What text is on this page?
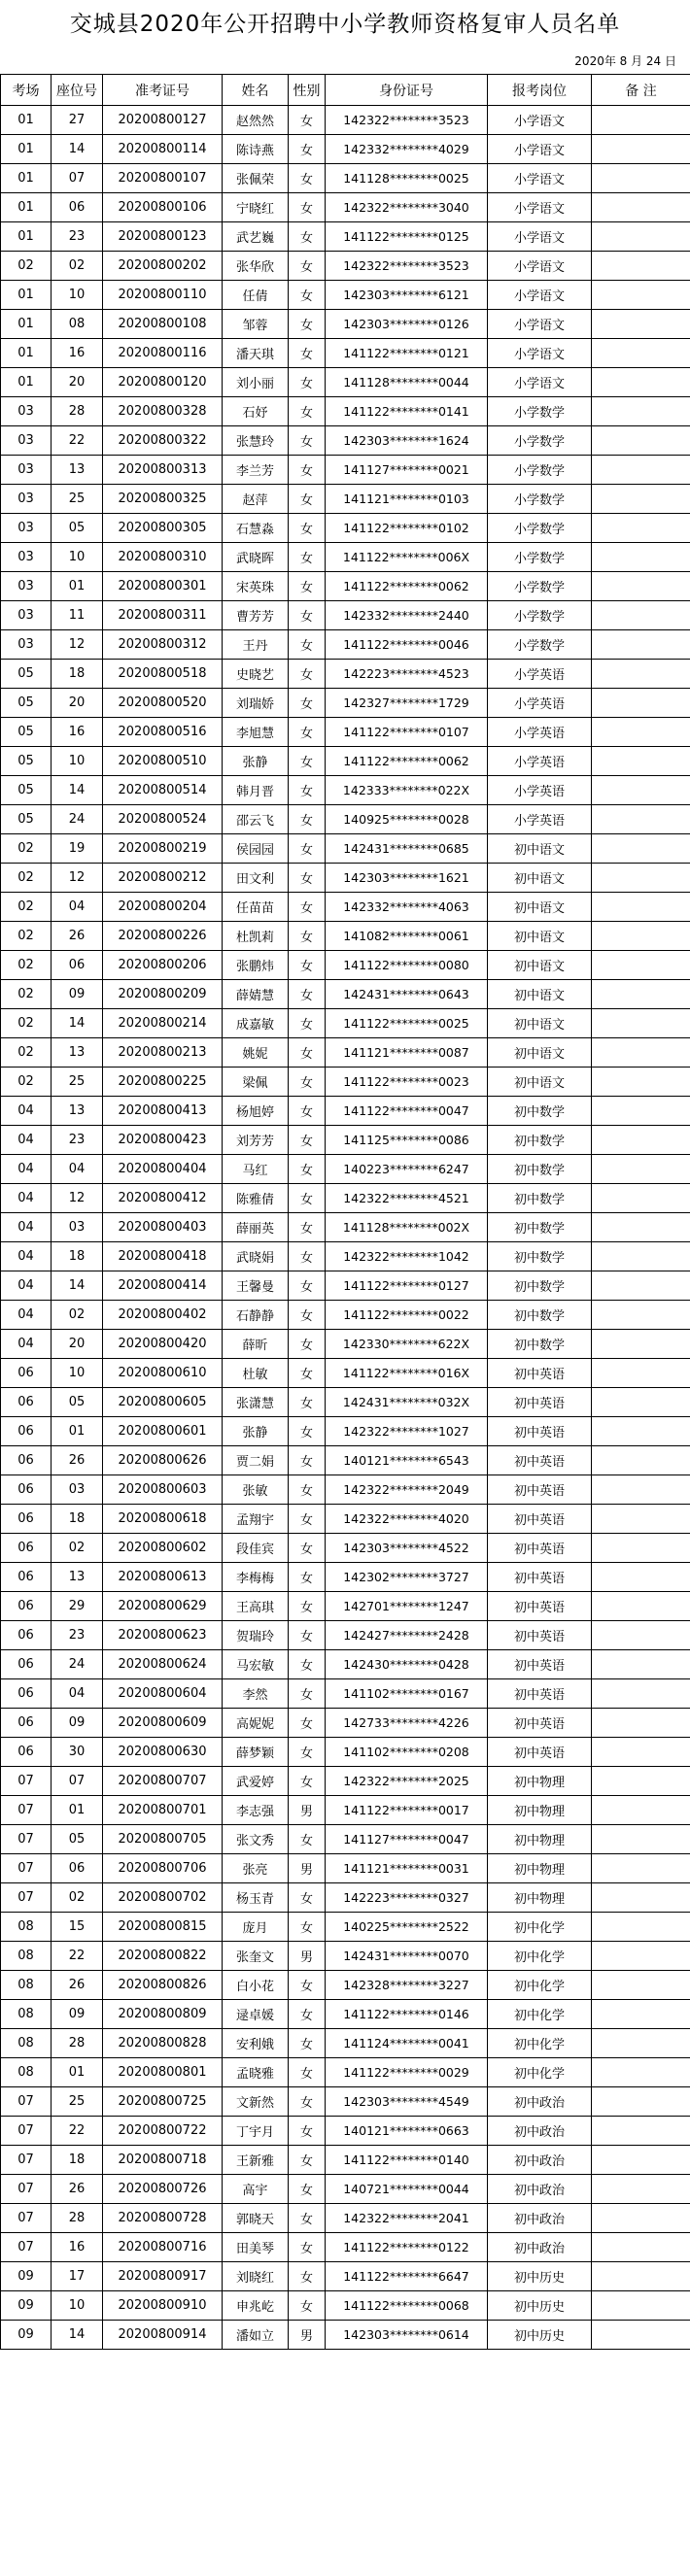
交城县2020年公开招聘中小学教师资格复审人员名单
2020年 8 月 24 日
考场	座位号	准考证号	姓名	性别	身份证号	报考岗位	备 注
01	27	20200800127	赵然然	女	142322********3523	小学语文	
01	14	20200800114	陈诗燕	女	142332********4029	小学语文	
01	07	20200800107	张佩荣	女	141128********0025	小学语文	
01	06	20200800106	宁晓红	女	142322********3040	小学语文	
01	23	20200800123	武艺巍	女	141122********0125	小学语文	
02	02	20200800202	张华欣	女	142322********3523	小学语文	
01	10	20200800110	任倩	女	142303********6121	小学语文	
01	08	20200800108	邹蓉	女	142303********0126	小学语文	
01	16	20200800116	潘天琪	女	141122********0121	小学语文	
01	20	20200800120	刘小丽	女	141128********0044	小学语文	
03	28	20200800328	石妤	女	141122********0141	小学数学	
03	22	20200800322	张慧玲	女	142303********1624	小学数学	
03	13	20200800313	李兰芳	女	141127********0021	小学数学	
03	25	20200800325	赵萍	女	141121********0103	小学数学	
03	05	20200800305	石慧淼	女	141122********0102	小学数学	
03	10	20200800310	武晓晖	女	141122********006X	小学数学	
03	01	20200800301	宋英珠	女	141122********0062	小学数学	
03	11	20200800311	曹芳芳	女	142332********2440	小学数学	
03	12	20200800312	王丹	女	141122********0046	小学数学	
05	18	20200800518	史晓艺	女	142223********4523	小学英语	
05	20	20200800520	刘瑞娇	女	142327********1729	小学英语	
05	16	20200800516	李旭慧	女	141122********0107	小学英语	
05	10	20200800510	张静	女	141122********0062	小学英语	
05	14	20200800514	韩月晋	女	142333********022X	小学英语	
05	24	20200800524	邵云飞	女	140925********0028	小学英语	
02	19	20200800219	侯园园	女	142431********0685	初中语文	
02	12	20200800212	田文利	女	142303********1621	初中语文	
02	04	20200800204	任苗苗	女	142332********4063	初中语文	
02	26	20200800226	杜凯莉	女	141082********0061	初中语文	
02	06	20200800206	张鹏炜	女	141122********0080	初中语文	
02	09	20200800209	薛婧慧	女	142431********0643	初中语文	
02	14	20200800214	成嘉敏	女	141122********0025	初中语文	
02	13	20200800213	姚妮	女	141121********0087	初中语文	
02	25	20200800225	梁佩	女	141122********0023	初中语文	
04	13	20200800413	杨旭婷	女	141122********0047	初中数学	
04	23	20200800423	刘芳芳	女	141125********0086	初中数学	
04	04	20200800404	马红	女	140223********6247	初中数学	
04	12	20200800412	陈雅倩	女	142322********4521	初中数学	
04	03	20200800403	薛丽英	女	141128********002X	初中数学	
04	18	20200800418	武晓娟	女	142322********1042	初中数学	
04	14	20200800414	王馨曼	女	141122********0127	初中数学	
04	02	20200800402	石静静	女	141122********0022	初中数学	
04	20	20200800420	薛昕	女	142330********622X	初中数学	
06	10	20200800610	杜敏	女	141122********016X	初中英语	
06	05	20200800605	张潇慧	女	142431********032X	初中英语	
06	01	20200800601	张静	女	142322********1027	初中英语	
06	26	20200800626	贾二娟	女	140121********6543	初中英语	
06	03	20200800603	张敏	女	142322********2049	初中英语	
06	18	20200800618	孟翔宇	女	142322********4020	初中英语	
06	02	20200800602	段佳宾	女	142303********4522	初中英语	
06	13	20200800613	李梅梅	女	142302********3727	初中英语	
06	29	20200800629	王高琪	女	142701********1247	初中英语	
06	23	20200800623	贺瑞玲	女	142427********2428	初中英语	
06	24	20200800624	马宏敏	女	142430********0428	初中英语	
06	04	20200800604	李然	女	141102********0167	初中英语	
06	09	20200800609	高妮妮	女	142733********4226	初中英语	
06	30	20200800630	薛梦颖	女	141102********0208	初中英语	
07	07	20200800707	武爱婷	女	142322********2025	初中物理	
07	01	20200800701	李志强	男	141122********0017	初中物理	
07	05	20200800705	张文秀	女	141127********0047	初中物理	
07	06	20200800706	张亮	男	141121********0031	初中物理	
07	02	20200800702	杨玉青	女	142223********0327	初中物理	
08	15	20200800815	庞月	女	140225********2522	初中化学	
08	22	20200800822	张奎文	男	142431********0070	初中化学	
08	26	20200800826	白小花	女	142328********3227	初中化学	
08	09	20200800809	逯卓媛	女	141122********0146	初中化学	
08	28	20200800828	安利娥	女	141124********0041	初中化学	
08	01	20200800801	孟晓雅	女	141122********0029	初中化学	
07	25	20200800725	文新然	女	142303********4549	初中政治	
07	22	20200800722	丁宇月	女	140121********0663	初中政治	
07	18	20200800718	王新雅	女	141122********0140	初中政治	
07	26	20200800726	高宇	女	140721********0044	初中政治	
07	28	20200800728	郭晓天	女	142322********2041	初中政治	
07	16	20200800716	田美琴	女	141122********0122	初中政治	
09	17	20200800917	刘晓红	女	141122********6647	初中历史	
09	10	20200800910	申兆屹	女	141122********0068	初中历史	
09	14	20200800914	潘如立	男	142303********0614	初中历史	
